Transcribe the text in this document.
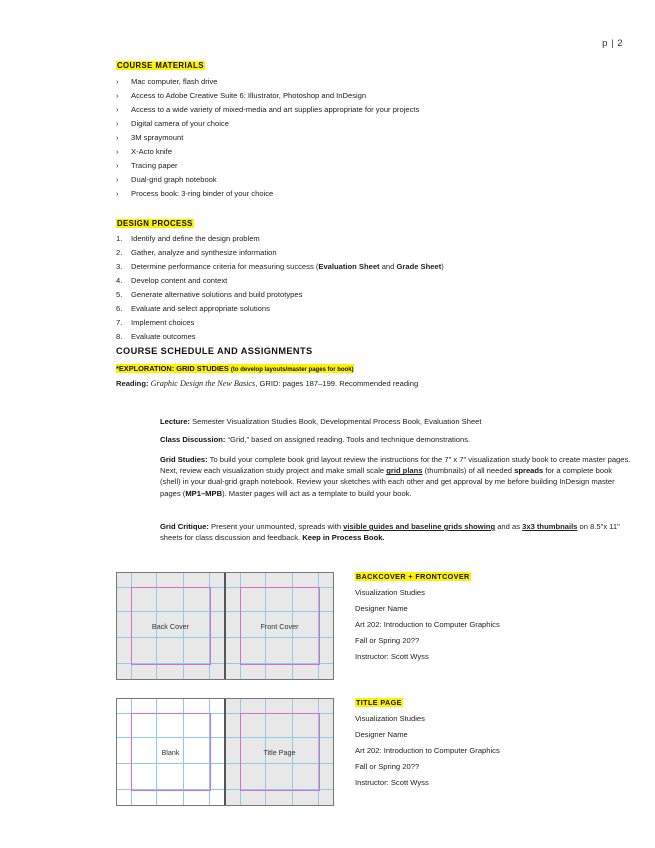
p | 2
COURSE MATERIALS
›	Mac computer, flash drive
›	Access to Adobe Creative Suite 6: Illustrator, Photoshop and InDesign
›	Access to a wide variety of mixed-media and art supplies appropriate for your projects
›	Digital camera of your choice
›	3M spraymount
›	X-Acto knife
›	Tracing paper
›	Dual-grid graph notebook
›	Process book: 3-ring binder of your choice
DESIGN PROCESS
1.	Identify and define the design problem
2.	Gather, analyze and synthesize information
3.	Determine performance criteria for measuring success (Evaluation Sheet and Grade Sheet)
4.	Develop content and context
5.	Generate alternative solutions and build prototypes
6.	Evaluate and select appropriate solutions
7.	Implement choices
8.	Evaluate outcomes
COURSE SCHEDULE AND ASSIGNMENTS
*EXPLORATION: GRID STUDIES (to develop layouts/master pages for book)
Reading: Graphic Design the New Basics, GRID: pages 187–199. Recommended reading
Lecture: Semester Visualization Studies Book, Developmental Process Book, Evaluation Sheet
Class Discussion: “Grid,” based on assigned reading. Tools and technique demonstrations.
Grid Studies: To build your complete book grid layout review the instructions for the 7" x 7" visualization study book to create master pages. Next, review each visualization study project and make small scale grid plans (thumbnails) of all needed spreads for a complete book (shell) in your dual-grid graph notebook. Review your sketches with each other and get approval by me before building InDesign master pages (MP1–MPB). Master pages will act as a template to build your book.
Grid Critique: Present your unmounted, spreads with visible guides and baseline grids showing and as 3x3 thumbnails on 8.5"x 11" sheets for class discussion and feedback. Keep in Process Book.
Back Cover	Front Cover
BACKCOVER + FRONTCOVER
Visualization Studies
Designer Name
Art 202: Introduction to Computer Graphics
Fall or Spring 20??
Instructor: Scott Wyss
Blank	Title Page
TITLE PAGE
Visualization Studies
Designer Name
Art 202: Introduction to Computer Graphics
Fall or Spring 20??
Instructor: Scott Wyss
